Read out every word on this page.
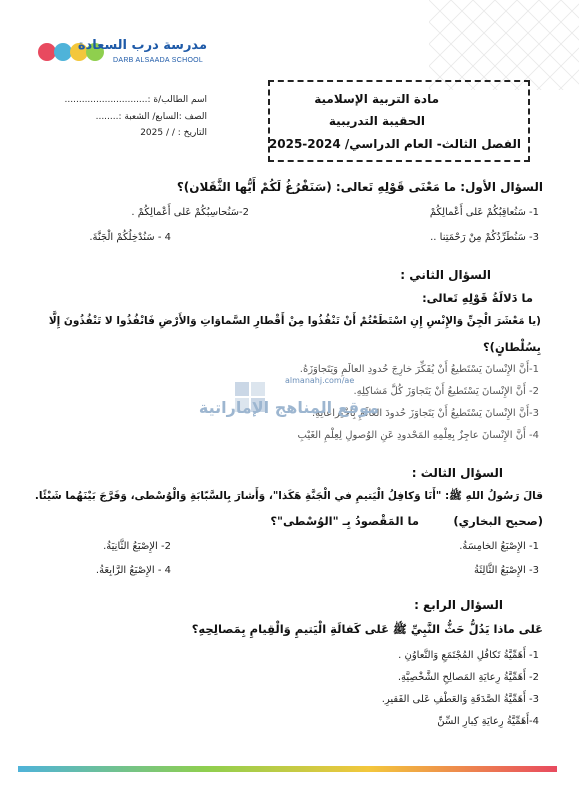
مدرسة درب السعادة
DARB ALSAADA SCHOOL
اسم الطالب/ة :.............................
الصف :السابع/ الشعبة :........
التاريخ : / / 2025
مادة التربية الإسلامية
الحقيبة التدريبية
الفصل الثالث- العام الدراسي/ 2024-2025
السؤال الأول: ما مَعْنَى قَوْلِهِ تَعالى: (سَنَفْرُغُ لَكُمْ أَيُّها الثَّقَلان)؟
1- سَنُعاقِبُكُمْ عَلى أَعْمالِكُمْ
2-سَنُحاسِبُكُمْ عَلى أَعْمالِكُمْ .
3- سَنُطَرِّدُكُمْ مِنْ رَحْمَتِنا ..
4 - سَنُدْخِلُكُمْ الْجَنَّةَ.
السؤال الثاني :
ما دَلالَةُ قَوْلِهِ تَعالى:
(يا مَعْشَرَ الْجِنِّ وَالإِنْسِ إِنِ اسْتَطَعْتُمْ أَنْ تَنْفُذُوا مِنْ أَقْطارِ السَّماوَاتِ وَالأَرْضِ فَانْفُذُوا لا تَنْفُذُونَ إِلَّا
بِسُلْطانٍ)؟
1-أَنَّ الإِنْسانَ يَسْتَطيعُ أَنْ يُفَكِّرَ خارِجَ حُدودِ العالَمِ وَيَتَجاوَزَهُ.
2- أَنَّ الإِنْسانَ يَسْتَطيعُ أَنْ يَتَجاوَزَ كُلَّ مَشاكِلِهِ.
3-أَنَّ الإِنْسانَ يَسْتَطيعُ أَنْ يَتَجاوَزَ حُدودَ العالَمِ بِاخْتِراعاتِهِ.
4- أَنَّ الإِنْسانَ عاجِزٌ بِعِلْمِهِ المَحْدودِ عَنِ الوُصولِ لِعِلْمِ الغَيْبِ
almanahj.com/ae
موقع المناهج الإماراتية
السؤال الثالث :
قالَ رَسُولُ اللهِ ﷺ: "أَنَا وَكافِلُ الْيَتيمِ في الْجَنَّةِ هَكَذا"، وَأَشارَ بِالسَّبّابَةِ وَالْوُسْطى، وَفَرَّجَ بَيْنَهُما شَيْئًا.
(صحيح البخاري)
ما المَقْصودُ بِـ "الوُسْطى"؟
1- الإِصْبَعُ الخامِسَةُ.
2- الإِصْبَعُ الثَّانِيَةُ.
3- الإِصْبَعُ الثَّالِثَةُ
4 - الإِصْبَعُ الرَّابِعَةُ.
السؤال الرابع :
عَلى ماذا يَدُلُّ حَثُّ النَّبِيِّ ﷺ عَلى كَفالَةِ الْيَتيمِ وَالْقِيامِ بِمَصالِحِهِ؟
1- أَهَمِّيَّةُ تَكافُلِ المُجْتَمَعِ وَالتَّعاوُنِ .
2- أَهَمِّيَّةُ رِعايَةِ المَصالِحِ الشَّخْصِيَّةِ.
3- أَهَمِّيَّةُ الصَّدَقَةِ وَالعَطْفِ عَلى الفَقيرِ.
4-أَهَمِّيَّةُ رِعايَةِ كِبارِ السِّنِّ
